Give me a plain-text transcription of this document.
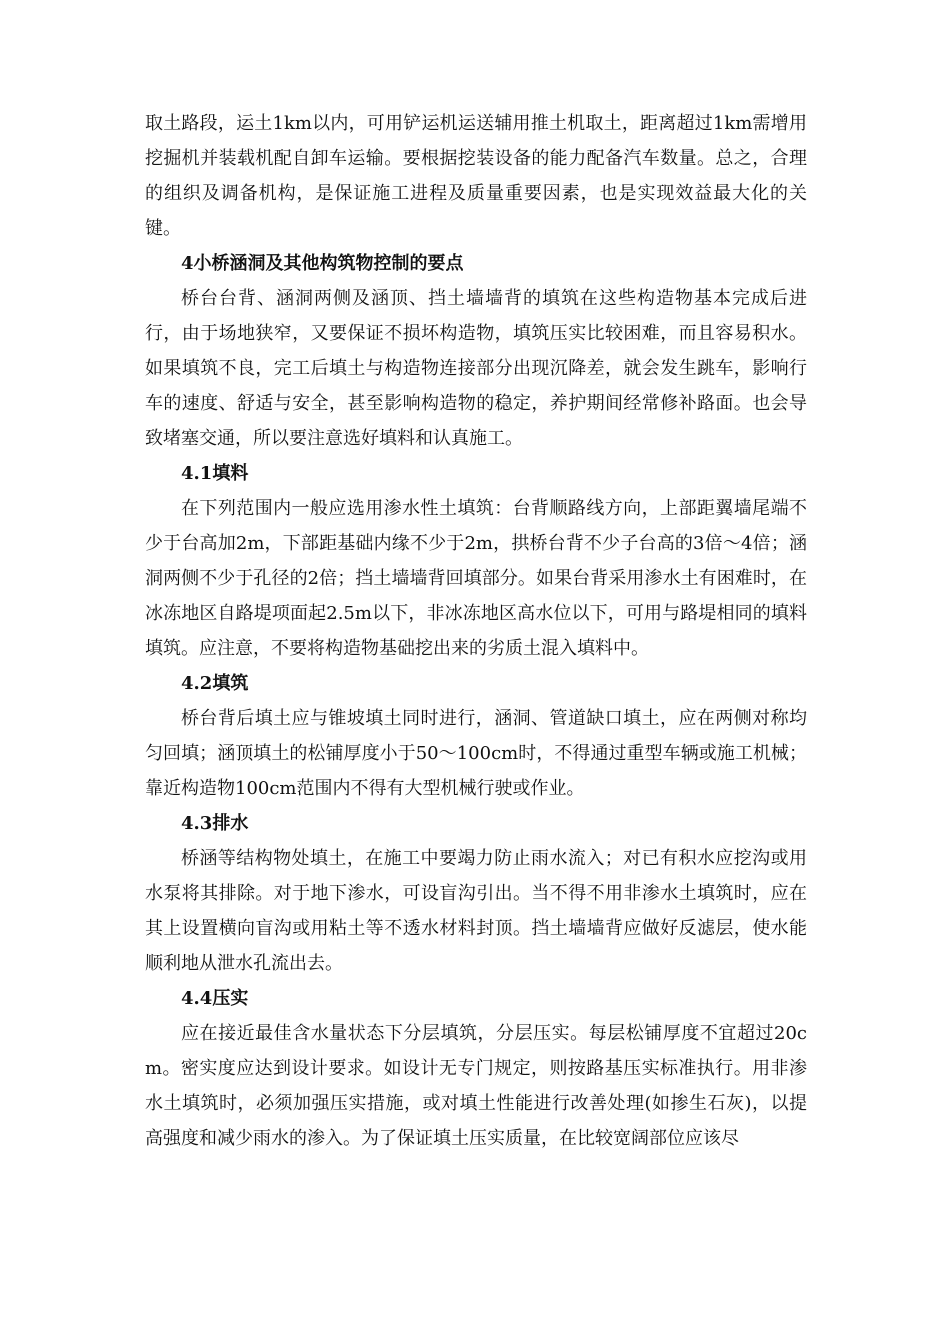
取土路段，运土1km以内，可用铲运机运送辅用推土机取土，距离超过1km需增用挖掘机并装载机配自卸车运输。要根据挖装设备的能力配备汽车数量。总之，合理的组织及调备机构，是保证施工进程及质量重要因素，也是实现效益最大化的关键。

4小桥涵洞及其他构筑物控制的要点

桥台台背、涵洞两侧及涵顶、挡土墙墙背的填筑在这些构造物基本完成后进行，由于场地狭窄，又要保证不损坏构造物，填筑压实比较困难，而且容易积水。如果填筑不良，完工后填土与构造物连接部分出现沉降差，就会发生跳车，影响行车的速度、舒适与安全，甚至影响构造物的稳定，养护期间经常修补路面。也会导致堵塞交通，所以要注意选好填料和认真施工。

4.1填料

在下列范围内一般应选用渗水性土填筑：台背顺路线方向，上部距翼墙尾端不少于台高加2m，下部距基础内缘不少于2m，拱桥台背不少子台高的3倍～4倍；涵洞两侧不少于孔径的2倍；挡土墙墙背回填部分。如果台背采用渗水土有困难时，在冰冻地区自路堤项面起2.5m以下，非冰冻地区高水位以下，可用与路堤相同的填料填筑。应注意，不要将构造物基础挖出来的劣质土混入填料中。

4.2填筑

桥台背后填土应与锥坡填土同时进行，涵洞、管道缺口填土，应在两侧对称均匀回填；涵顶填土的松铺厚度小于50～100cm时，不得通过重型车辆或施工机械；靠近构造物100cm范围内不得有大型机械行驶或作业。

4.3排水

桥涵等结构物处填土，在施工中要竭力防止雨水流入；对已有积水应挖沟或用水泵将其排除。对于地下渗水，可设盲沟引出。当不得不用非渗水土填筑时，应在其上设置横向盲沟或用粘土等不透水材料封顶。挡土墙墙背应做好反滤层，使水能顺利地从泄水孔流出去。

4.4压实

应在接近最佳含水量状态下分层填筑，分层压实。每层松铺厚度不宜超过20cm。密实度应达到设计要求。如设计无专门规定，则按路基压实标准执行。用非渗水土填筑时，必须加强压实措施，或对填土性能进行改善处理(如掺生石灰)，以提高强度和减少雨水的渗入。为了保证填土压实质量，在比较宽阔部位应该尽
